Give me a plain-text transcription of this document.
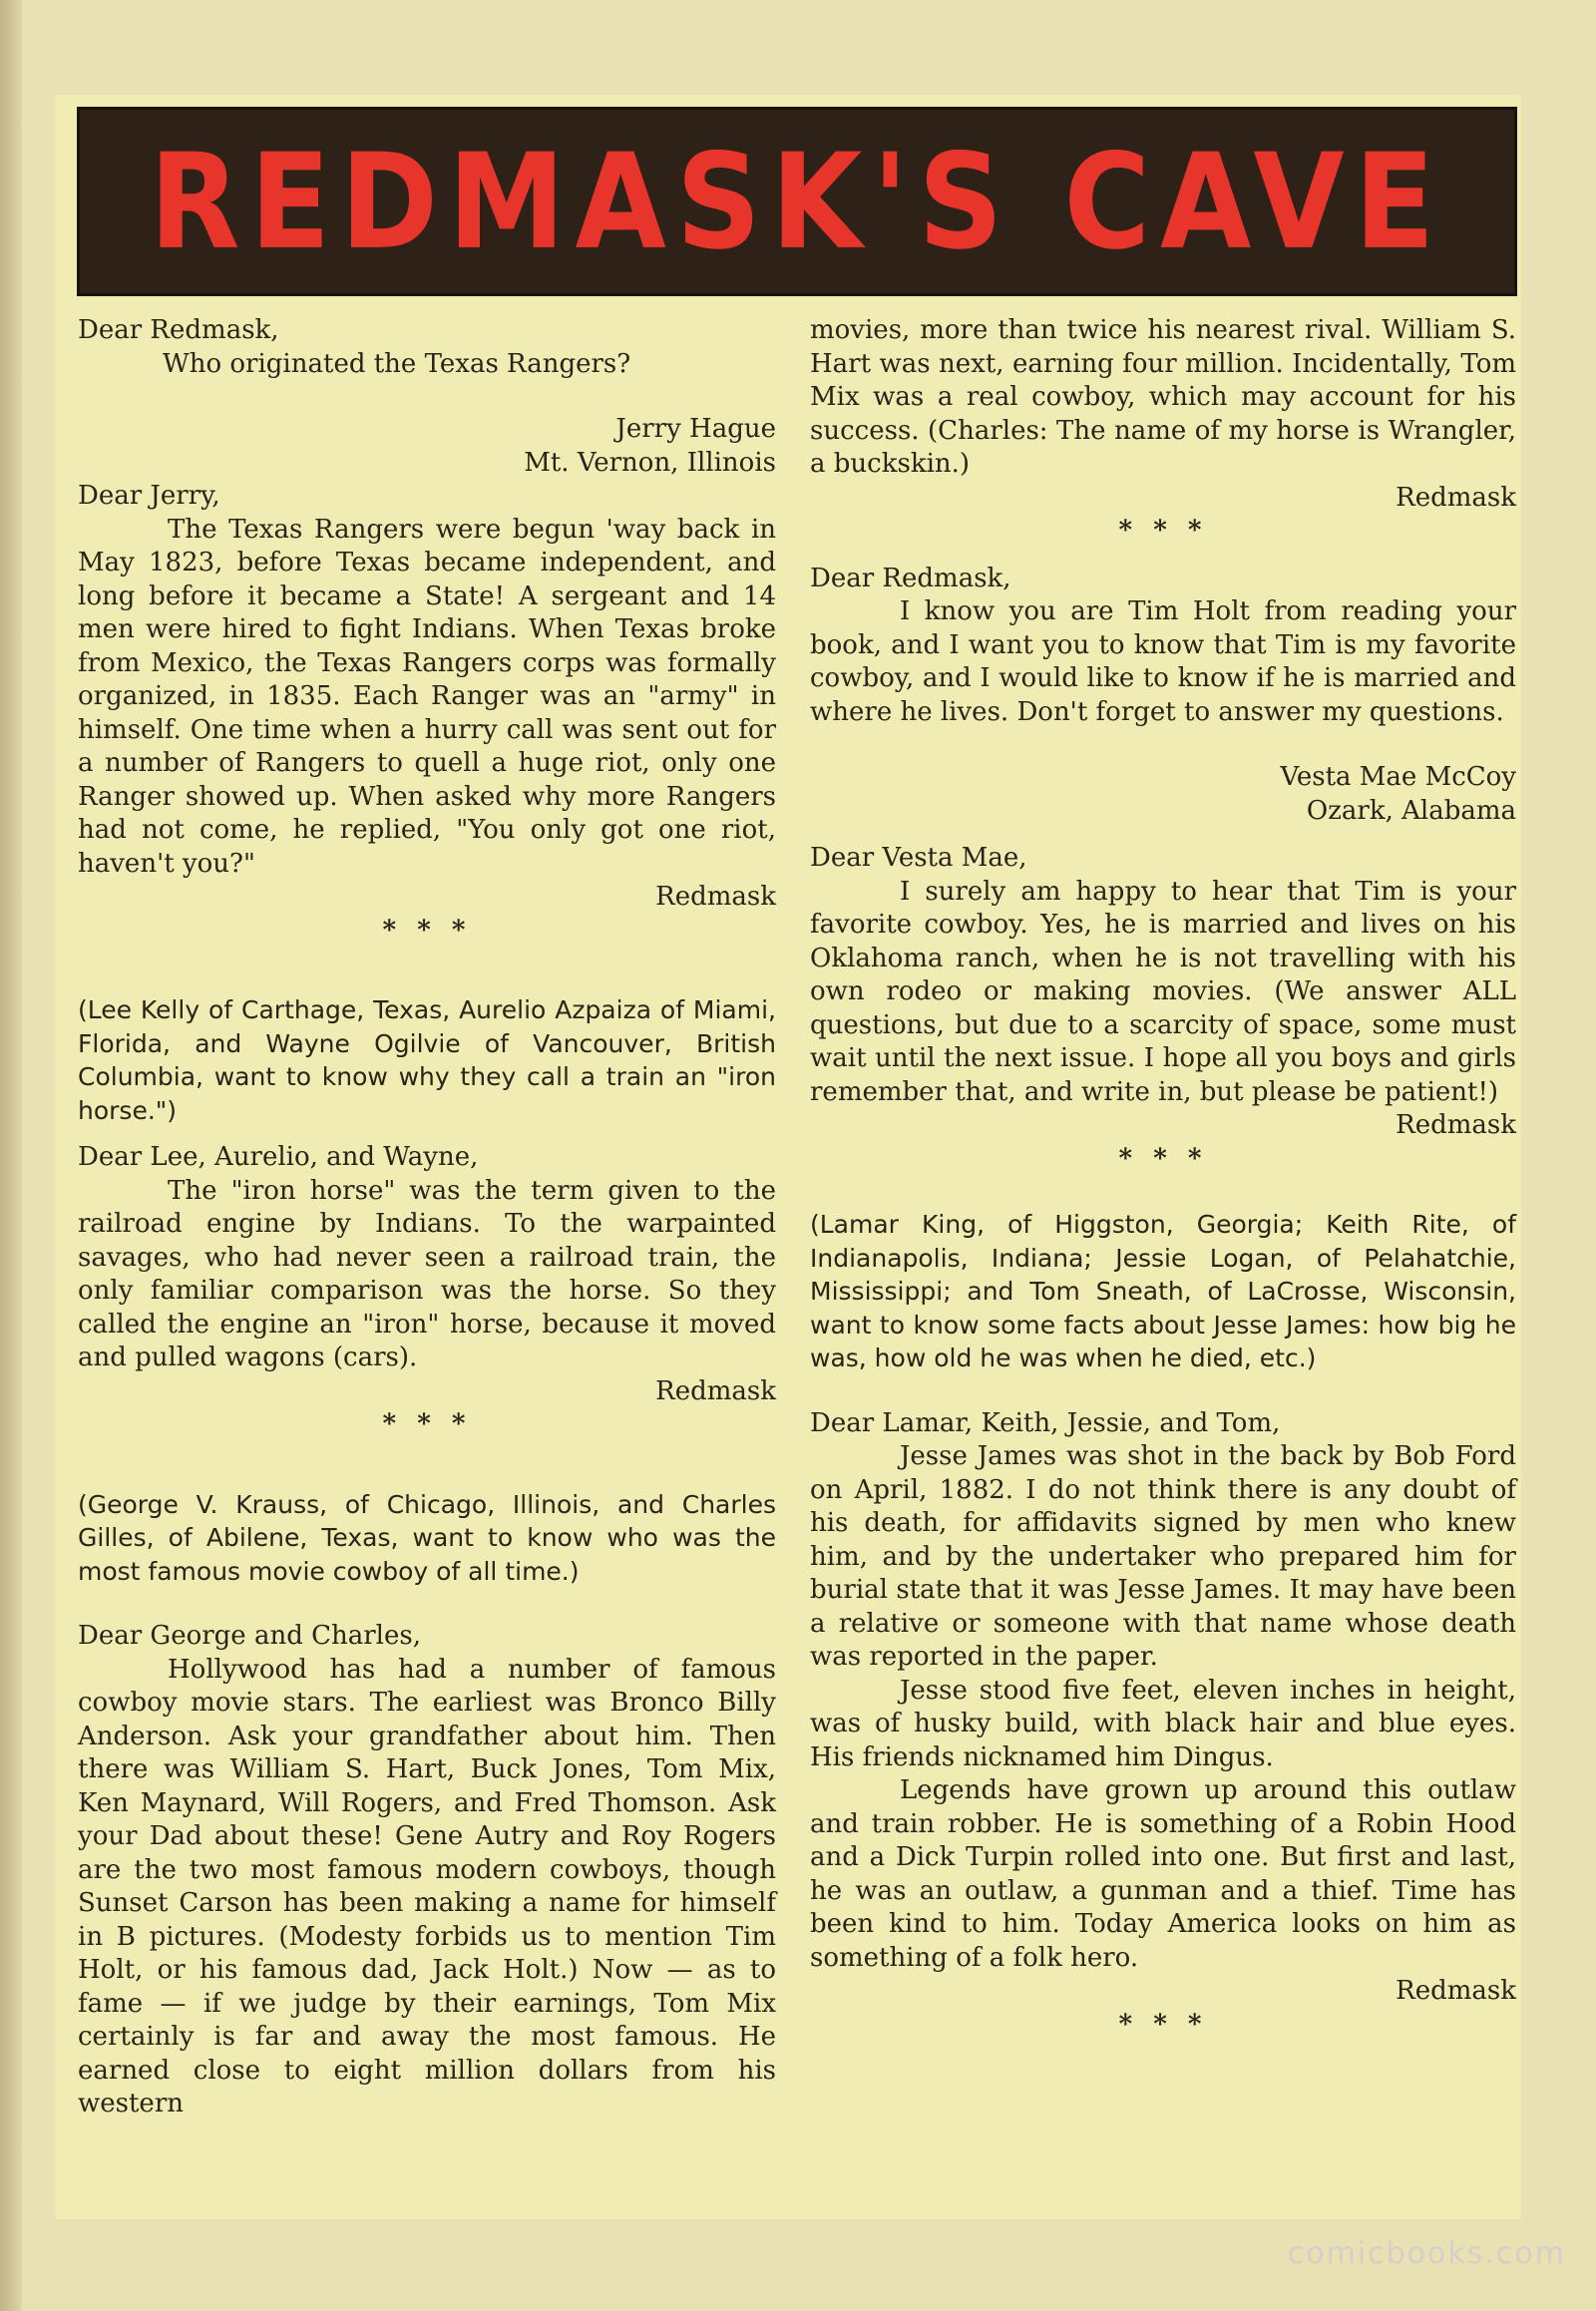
REDMASK'S CAVE

Dear Redmask,

Who originated the Texas Rangers?

Jerry Hague

Mt. Vernon, Illinois

Dear Jerry,

The Texas Rangers were begun 'way back in May 1823, before Texas became independent, and long before it became a State! A sergeant and 14 men were hired to fight Indians. When Texas broke from Mexico, the Texas Rangers corps was formally organized, in 1835. Each Ranger was an "army" in himself. One time when a hurry call was sent out for a number of Rangers to quell a huge riot, only one Ranger showed up. When asked why more Rangers had not come, he replied, "You only got one riot, haven't you?"

Redmask

* * *

(Lee Kelly of Carthage, Texas, Aurelio Azpaiza of Miami, Florida, and Wayne Ogilvie of Vancouver, British Columbia, want to know why they call a train an "iron horse.")

Dear Lee, Aurelio, and Wayne,

The "iron horse" was the term given to the railroad engine by Indians. To the warpainted savages, who had never seen a railroad train, the only familiar comparison was the horse. So they called the engine an "iron" horse, because it moved and pulled wagons (cars).

Redmask

* * *

(George V. Krauss, of Chicago, Illinois, and Charles Gilles, of Abilene, Texas, want to know who was the most famous movie cowboy of all time.)

Dear George and Charles,

Hollywood has had a number of famous cowboy movie stars. The earliest was Bronco Billy Anderson. Ask your grandfather about him. Then there was William S. Hart, Buck Jones, Tom Mix, Ken Maynard, Will Rogers, and Fred Thomson. Ask your Dad about these! Gene Autry and Roy Rogers are the two most famous modern cowboys, though Sunset Carson has been making a name for himself in B pictures. (Modesty forbids us to mention Tim Holt, or his famous dad, Jack Holt.) Now — as to fame — if we judge by their earnings, Tom Mix certainly is far and away the most famous. He earned close to eight million dollars from his western

movies, more than twice his nearest rival. William S. Hart was next, earning four million. Incidentally, Tom Mix was a real cowboy, which may account for his success. (Charles: The name of my horse is Wrangler, a buckskin.)

Redmask

* * *

Dear Redmask,

I know you are Tim Holt from reading your book, and I want you to know that Tim is my favorite cowboy, and I would like to know if he is married and where he lives. Don't forget to answer my questions.

Vesta Mae McCoy

Ozark, Alabama

Dear Vesta Mae,

I surely am happy to hear that Tim is your favorite cowboy. Yes, he is married and lives on his Oklahoma ranch, when he is not travelling with his own rodeo or making movies. (We answer ALL questions, but due to a scarcity of space, some must wait until the next issue. I hope all you boys and girls remember that, and write in, but please be patient!)

Redmask

* * *

(Lamar King, of Higgston, Georgia; Keith Rite, of Indianapolis, Indiana; Jessie Logan, of Pelahatchie, Mississippi; and Tom Sneath, of LaCrosse, Wisconsin, want to know some facts about Jesse James: how big he was, how old he was when he died, etc.)

Dear Lamar, Keith, Jessie, and Tom,

Jesse James was shot in the back by Bob Ford on April, 1882. I do not think there is any doubt of his death, for affidavits signed by men who knew him, and by the undertaker who prepared him for burial state that it was Jesse James. It may have been a relative or someone with that name whose death was reported in the paper.

Jesse stood five feet, eleven inches in height, was of husky build, with black hair and blue eyes. His friends nicknamed him Dingus.

Legends have grown up around this outlaw and train robber. He is something of a Robin Hood and a Dick Turpin rolled into one. But first and last, he was an outlaw, a gunman and a thief. Time has been kind to him. Today America looks on him as something of a folk hero.

Redmask

* * *

comicbooks.com
